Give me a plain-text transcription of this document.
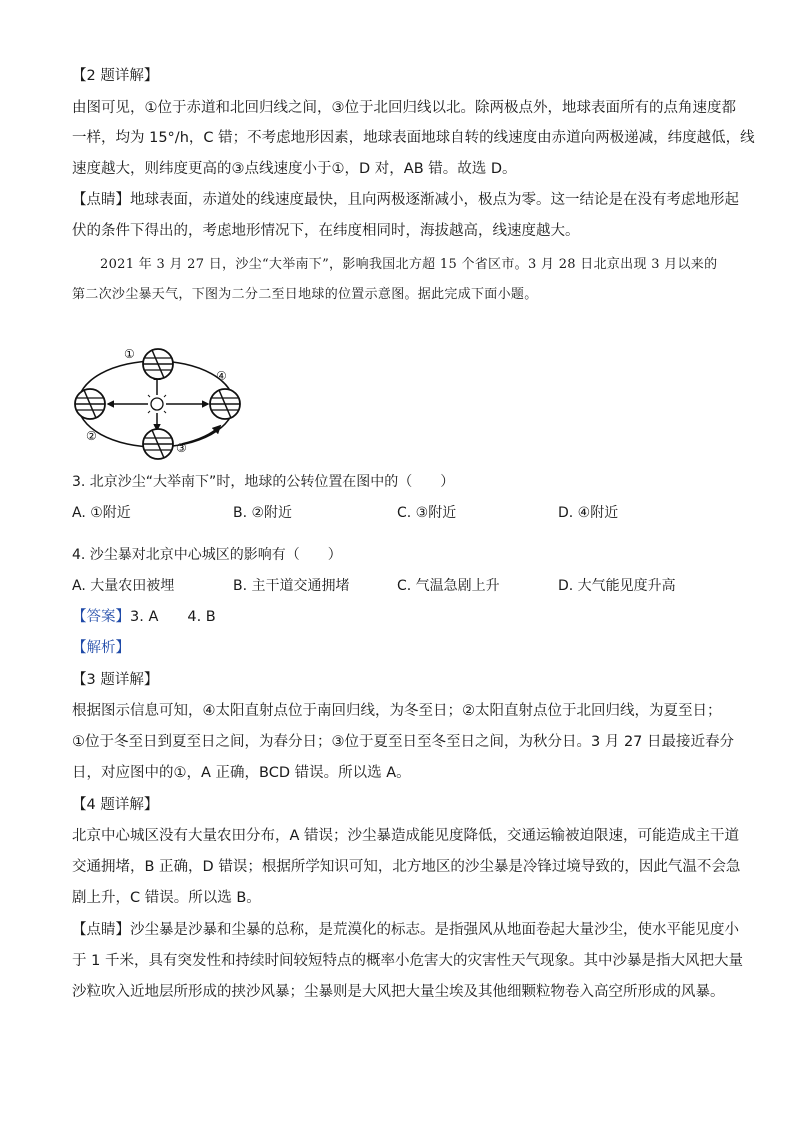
【2 题详解】
由图可见，①位于赤道和北回归线之间，③位于北回归线以北。除两极点外，地球表面所有的点角速度都
一样，均为 15°/h，C 错；不考虑地形因素，地球表面地球自转的线速度由赤道向两极递减，纬度越低，线
速度越大，则纬度更高的③点线速度小于①，D 对，AB 错。故选 D。
【点睛】地球表面，赤道处的线速度最快，且向两极逐渐减小，极点为零。这一结论是在没有考虑地形起
伏的条件下得出的，考虑地形情况下，在纬度相同时，海拔越高，线速度越大。
2021 年 3 月 27 日，沙尘“大举南下”，影响我国北方超 15 个省区市。3 月 28 日北京出现 3 月以来的
第二次沙尘暴天气，下图为二分二至日地球的位置示意图。据此完成下面小题。
①
②
③
④
3. 北京沙尘“大举南下”时，地球的公转位置在图中的（　　）
A. ①附近	B. ②附近	C. ③附近	D. ④附近
4. 沙尘暴对北京中心城区的影响有（　　）
A. 大量农田被埋	B. 主干道交通拥堵	C. 气温急剧上升	D. 大气能见度升高
【答案】3. A　　4. B
【解析】
【3 题详解】
根据图示信息可知，④太阳直射点位于南回归线，为冬至日；②太阳直射点位于北回归线，为夏至日；
①位于冬至日到夏至日之间，为春分日；③位于夏至日至冬至日之间，为秋分日。3 月 27 日最接近春分
日，对应图中的①，A 正确，BCD 错误。所以选 A。
【4 题详解】
北京中心城区没有大量农田分布，A 错误；沙尘暴造成能见度降低，交通运输被迫限速，可能造成主干道
交通拥堵，B 正确，D 错误；根据所学知识可知，北方地区的沙尘暴是冷锋过境导致的，因此气温不会急
剧上升，C 错误。所以选 B。
【点睛】沙尘暴是沙暴和尘暴的总称，是荒漠化的标志。是指强风从地面卷起大量沙尘，使水平能见度小
于 1 千米，具有突发性和持续时间较短特点的概率小危害大的灾害性天气现象。其中沙暴是指大风把大量
沙粒吹入近地层所形成的挟沙风暴；尘暴则是大风把大量尘埃及其他细颗粒物卷入高空所形成的风暴。
